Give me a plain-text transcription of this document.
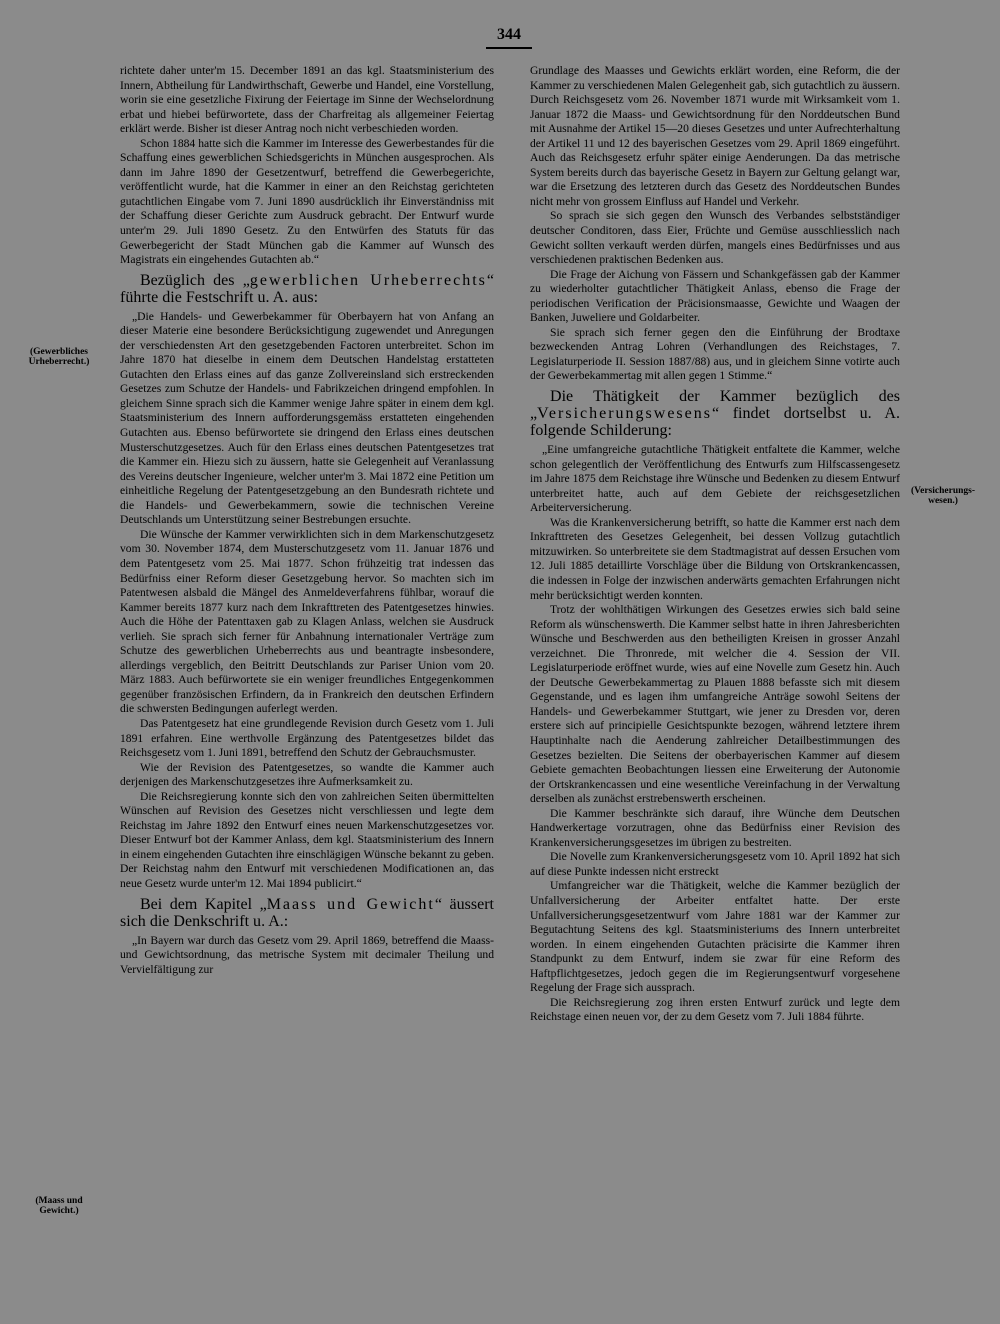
344
(Gewerbliches
Urheberrecht.)
(Versicherungs-
wesen.)
(Maass und
Gewicht.)

richtete daher unter'm 15. December 1891 an das kgl. Staatsministerium des Innern, Abtheilung für Landwirthschaft, Gewerbe und Handel, eine Vorstellung, worin sie eine gesetzliche Fixirung der Feiertage im Sinne der Wechselordnung erbat und hiebei befürwortete, dass der Charfreitag als allgemeiner Feiertag erklärt werde. Bisher ist dieser Antrag noch nicht verbeschieden worden.

Schon 1884 hatte sich die Kammer im Interesse des Gewerbestandes für die Schaffung eines gewerblichen Schiedsgerichts in München ausgesprochen. Als dann im Jahre 1890 der Gesetzentwurf, betreffend die Gewerbegerichte, veröffentlicht wurde, hat die Kammer in einer an den Reichstag gerichteten gutachtlichen Eingabe vom 7. Juni 1890 ausdrücklich ihr Einverständniss mit der Schaffung dieser Gerichte zum Ausdruck gebracht. Der Entwurf wurde unter'm 29. Juli 1890 Gesetz. Zu den Entwürfen des Statuts für das Gewerbegericht der Stadt München gab die Kammer auf Wunsch des Magistrats ein eingehendes Gutachten ab.“

Bezüglich des „gewerblichen Urheberrechts“ führte die Festschrift u. A. aus:

„Die Handels- und Gewerbekammer für Oberbayern hat von Anfang an dieser Materie eine besondere Berücksichtigung zugewendet und Anregungen der verschiedensten Art den gesetzgebenden Factoren unterbreitet. Schon im Jahre 1870 hat dieselbe in einem dem Deutschen Handelstag erstatteten Gutachten den Erlass eines auf das ganze Zollvereinsland sich erstreckenden Gesetzes zum Schutze der Handels- und Fabrikzeichen dringend empfohlen. In gleichem Sinne sprach sich die Kammer wenige Jahre später in einem dem kgl. Staatsministerium des Innern aufforderungsgemäss erstatteten eingehenden Gutachten aus. Ebenso befürwortete sie dringend den Erlass eines deutschen Musterschutzgesetzes. Auch für den Erlass eines deutschen Patentgesetzes trat die Kammer ein. Hiezu sich zu äussern, hatte sie Gelegenheit auf Veranlassung des Vereins deutscher Ingenieure, welcher unter'm 3. Mai 1872 eine Petition um einheitliche Regelung der Patentgesetzgebung an den Bundesrath richtete und die Handels- und Gewerbekammern, sowie die technischen Vereine Deutschlands um Unterstützung seiner Bestrebungen ersuchte.

Die Wünsche der Kammer verwirklichten sich in dem Markenschutzgesetz vom 30. November 1874, dem Musterschutzgesetz vom 11. Januar 1876 und dem Patentgesetz vom 25. Mai 1877. Schon frühzeitig trat indessen das Bedürfniss einer Reform dieser Gesetzgebung hervor. So machten sich im Patentwesen alsbald die Mängel des Anmeldeverfahrens fühlbar, worauf die Kammer bereits 1877 kurz nach dem Inkrafttreten des Patentgesetzes hinwies. Auch die Höhe der Patenttaxen gab zu Klagen Anlass, welchen sie Ausdruck verlieh. Sie sprach sich ferner für Anbahnung internationaler Verträge zum Schutze des gewerblichen Urheberrechts aus und beantragte insbesondere, allerdings vergeblich, den Beitritt Deutschlands zur Pariser Union vom 20. März 1883. Auch befürwortete sie ein weniger freundliches Entgegenkommen gegenüber französischen Erfindern, da in Frankreich den deutschen Erfindern die schwersten Bedingungen auferlegt werden.

Das Patentgesetz hat eine grundlegende Revision durch Gesetz vom 1. Juli 1891 erfahren. Eine werthvolle Ergänzung des Patentgesetzes bildet das Reichsgesetz vom 1. Juni 1891, betreffend den Schutz der Gebrauchsmuster.

Wie der Revision des Patentgesetzes, so wandte die Kammer auch derjenigen des Markenschutzgesetzes ihre Aufmerksamkeit zu.

Die Reichsregierung konnte sich den von zahlreichen Seiten übermittelten Wünschen auf Revision des Gesetzes nicht verschliessen und legte dem Reichstag im Jahre 1892 den Entwurf eines neuen Markenschutzgesetzes vor. Dieser Entwurf bot der Kammer Anlass, dem kgl. Staatsministerium des Innern in einem eingehenden Gutachten ihre einschlägigen Wünsche bekannt zu geben. Der Reichstag nahm den Entwurf mit verschiedenen Modificationen an, das neue Gesetz wurde unter'm 12. Mai 1894 publicirt.“

Bei dem Kapitel „Maass und Gewicht“ äussert sich die Denkschrift u. A.:

„In Bayern war durch das Gesetz vom 29. April 1869, betreffend die Maass- und Gewichtsordnung, das metrische System mit decimaler Theilung und Vervielfältigung zur

Grundlage des Maasses und Gewichts erklärt worden, eine Reform, die der Kammer zu verschiedenen Malen Gelegenheit gab, sich gutachtlich zu äussern. Durch Reichsgesetz vom 26. November 1871 wurde mit Wirksamkeit vom 1. Januar 1872 die Maass- und Gewichtsordnung für den Norddeutschen Bund mit Ausnahme der Artikel 15—20 dieses Gesetzes und unter Aufrechterhaltung der Artikel 11 und 12 des bayerischen Gesetzes vom 29. April 1869 eingeführt. Auch das Reichsgesetz erfuhr später einige Aenderungen. Da das metrische System bereits durch das bayerische Gesetz in Bayern zur Geltung gelangt war, war die Ersetzung des letzteren durch das Gesetz des Norddeutschen Bundes nicht mehr von grossem Einfluss auf Handel und Verkehr.

So sprach sie sich gegen den Wunsch des Verbandes selbstständiger deutscher Conditoren, dass Eier, Früchte und Gemüse ausschliesslich nach Gewicht sollten verkauft werden dürfen, mangels eines Bedürfnisses und aus verschiedenen praktischen Bedenken aus.

Die Frage der Aichung von Fässern und Schankgefässen gab der Kammer zu wiederholter gutachtlicher Thätigkeit Anlass, ebenso die Frage der periodischen Verification der Präcisionsmaasse, Gewichte und Waagen der Banken, Juweliere und Goldarbeiter.

Sie sprach sich ferner gegen den die Einführung der Brodtaxe bezweckenden Antrag Lohren (Verhandlungen des Reichstages, 7. Legislaturperiode II. Session 1887/88) aus, und in gleichem Sinne votirte auch der Gewerbekammertag mit allen gegen 1 Stimme.“

Die Thätigkeit der Kammer bezüglich des „Versicherungswesens“ findet dortselbst u. A. folgende Schilderung:

„Eine umfangreiche gutachtliche Thätigkeit entfaltete die Kammer, welche schon gelegentlich der Veröffentlichung des Entwurfs zum Hilfscassengesetz im Jahre 1875 dem Reichstage ihre Wünsche und Bedenken zu diesem Entwurf unterbreitet hatte, auch auf dem Gebiete der reichsgesetzlichen Arbeiterversicherung.

Was die Krankenversicherung betrifft, so hatte die Kammer erst nach dem Inkrafttreten des Gesetzes Gelegenheit, bei dessen Vollzug gutachtlich mitzuwirken. So unterbreitete sie dem Stadtmagistrat auf dessen Ersuchen vom 12. Juli 1885 detaillirte Vorschläge über die Bildung von Ortskrankencassen, die indessen in Folge der inzwischen anderwärts gemachten Erfahrungen nicht mehr berücksichtigt werden konnten.

Trotz der wohlthätigen Wirkungen des Gesetzes erwies sich bald seine Reform als wünschenswerth. Die Kammer selbst hatte in ihren Jahresberichten Wünsche und Beschwerden aus den betheiligten Kreisen in grosser Anzahl verzeichnet. Die Thronrede, mit welcher die 4. Session der VII. Legislaturperiode eröffnet wurde, wies auf eine Novelle zum Gesetz hin. Auch der Deutsche Gewerbekammertag zu Plauen 1888 befasste sich mit diesem Gegenstande, und es lagen ihm umfangreiche Anträge sowohl Seitens der Handels- und Gewerbekammer Stuttgart, wie jener zu Dresden vor, deren erstere sich auf principielle Gesichtspunkte bezogen, während letztere ihrem Hauptinhalte nach die Aenderung zahlreicher Detailbestimmungen des Gesetzes bezielten. Die Seitens der oberbayerischen Kammer auf diesem Gebiete gemachten Beobachtungen liessen eine Erweiterung der Autonomie der Ortskrankencassen und eine wesentliche Vereinfachung in der Verwaltung derselben als zunächst erstrebenswerth erscheinen.

Die Kammer beschränkte sich darauf, ihre Wünche dem Deutschen Handwerkertage vorzutragen, ohne das Bedürfniss einer Revision des Krankenversicherungsgesetzes im übrigen zu bestreiten.

Die Novelle zum Krankenversicherungsgesetz vom 10. April 1892 hat sich auf diese Punkte indessen nicht erstreckt

Umfangreicher war die Thätigkeit, welche die Kammer bezüglich der Unfallversicherung der Arbeiter entfaltet hatte. Der erste Unfallversicherungsgesetzentwurf vom Jahre 1881 war der Kammer zur Begutachtung Seitens des kgl. Staatsministeriums des Innern unterbreitet worden. In einem eingehenden Gutachten präcisirte die Kammer ihren Standpunkt zu dem Entwurf, indem sie zwar für eine Reform des Haftpflichtgesetzes, jedoch gegen die im Regierungsentwurf vorgesehene Regelung der Frage sich aussprach.

Die Reichsregierung zog ihren ersten Entwurf zurück und legte dem Reichstage einen neuen vor, der zu dem Gesetz vom 7. Juli 1884 führte.
